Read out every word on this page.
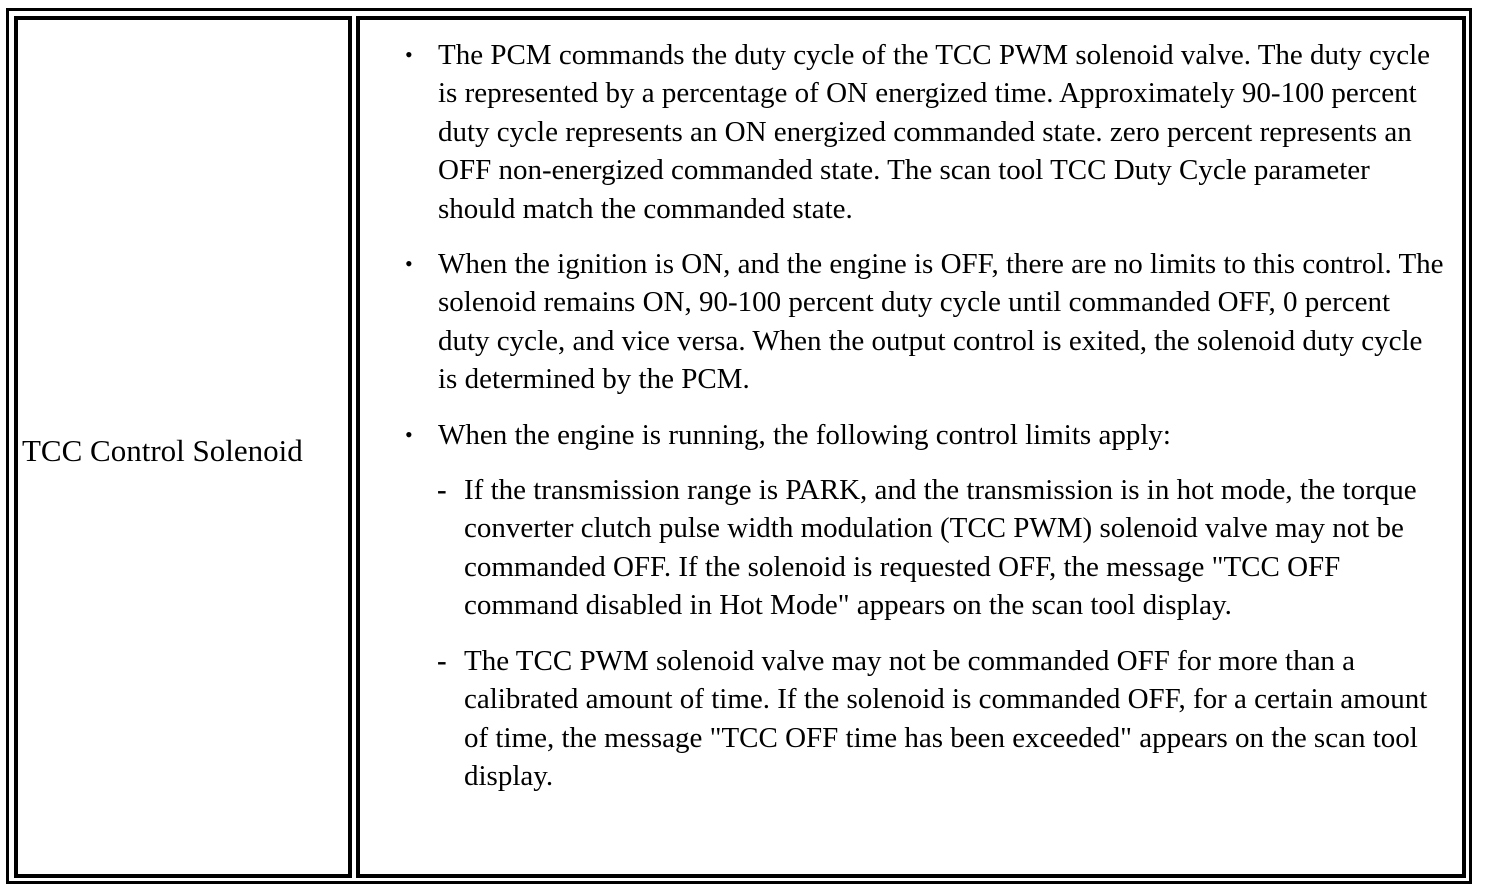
TCC Control Solenoid
• The PCM commands the duty cycle of the TCC PWM solenoid valve. The duty cycle is represented by a percentage of ON energized time. Approximately 90-100 percent duty cycle represents an ON energized commanded state. zero percent represents an OFF non-energized commanded state. The scan tool TCC Duty Cycle parameter should match the commanded state.
• When the ignition is ON, and the engine is OFF, there are no limits to this control. The solenoid remains ON, 90-100 percent duty cycle until commanded OFF, 0 percent duty cycle, and vice versa. When the output control is exited, the solenoid duty cycle is determined by the PCM.
• When the engine is running, the following control limits apply:
- If the transmission range is PARK, and the transmission is in hot mode, the torque converter clutch pulse width modulation (TCC PWM) solenoid valve may not be commanded OFF. If the solenoid is requested OFF, the message "TCC OFF command disabled in Hot Mode" appears on the scan tool display.
- The TCC PWM solenoid valve may not be commanded OFF for more than a calibrated amount of time. If the solenoid is commanded OFF, for a certain amount of time, the message "TCC OFF time has been exceeded" appears on the scan tool display.
